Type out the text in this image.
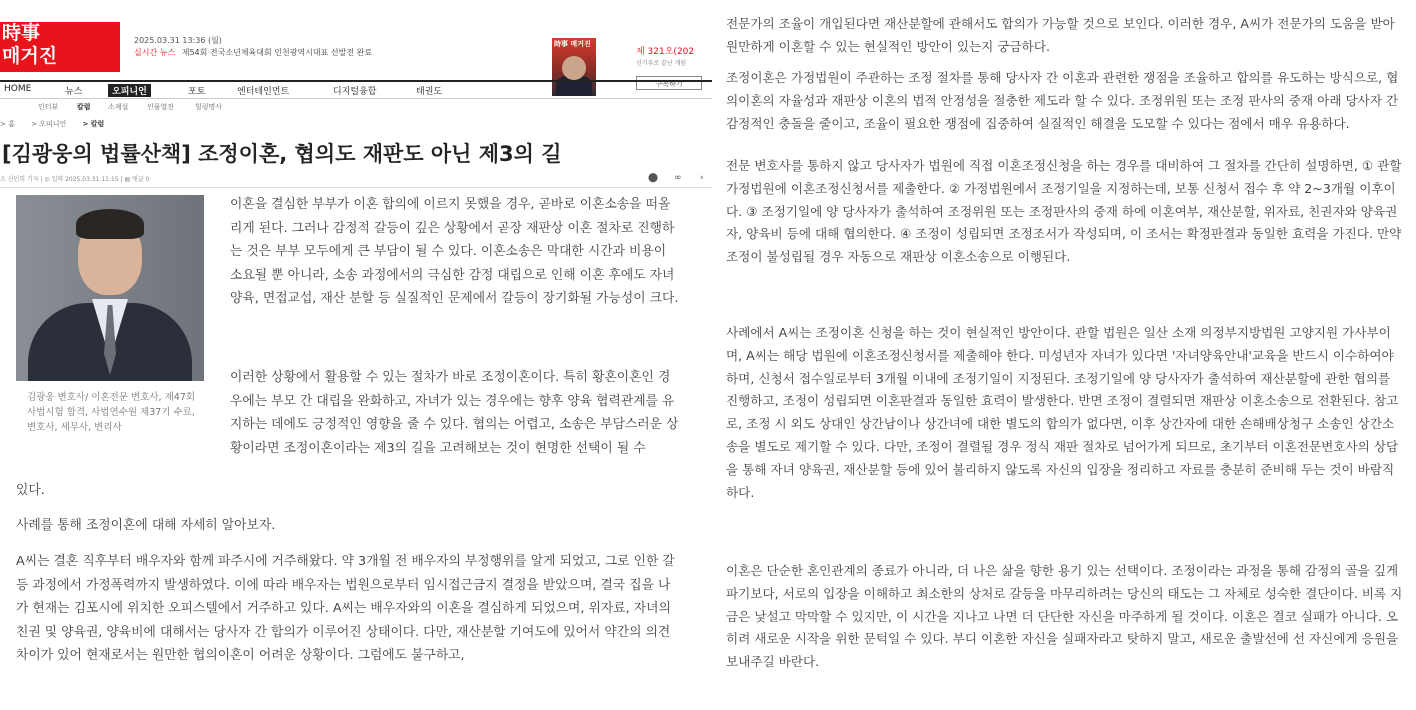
時事
매거진
2025.03.31 13:36 (월)
실시간 뉴스 제54회 전국소년체육대회 인천광역시대표 선발전 완료
時事 매거진
제 321오(202
신기루로 끝난 개원
구독하기
HOME	뉴스	오피니언	포토	엔터테인먼트	디지털융합	태권도
인터뷰	칼럼 소재설	인물열전	힐링명사
> 홈 > 오피니언 > 칼럼
[김광웅의 법률산책] 조정이혼, 협의도 재판도 아닌 제3의 길
소 신인희 기자 | ◎ 입력 2025.03.31 11:15 | ▤ 댓글 0	⬤ ∞ ›
김광웅 변호사/ 이혼전문 변호사, 제47회 사법시험 합격, 사법연수원 제37기 수료, 변호사, 세무사, 변리사

이혼을 결심한 부부가 이혼 합의에 이르지 못했을 경우, 곧바로 이혼소송을 떠올리게 된다. 그러나 감정적 갈등이 깊은 상황에서 곧장 재판상 이혼 절차로 진행하는 것은 부부 모두에게 큰 부담이 될 수 있다. 이혼소송은 막대한 시간과 비용이 소요될 뿐 아니라, 소송 과정에서의 극심한 감정 대립으로 인해 이혼 후에도 자녀 양육, 면접교섭, 재산 분할 등 실질적인 문제에서 갈등이 장기화될 가능성이 크다.

이러한 상황에서 활용할 수 있는 절차가 바로 조정이혼이다. 특히 황혼이혼인 경우에는 부모 간 대립을 완화하고, 자녀가 있는 경우에는 향후 양육 협력관계를 유지하는 데에도 긍정적인 영향을 줄 수 있다. 협의는 어렵고, 소송은 부담스러운 상황이라면 조정이혼이라는 제3의 길을 고려해보는 것이 현명한 선택이 될 수

있다.

사례를 통해 조정이혼에 대해 자세히 알아보자.

A씨는 결혼 직후부터 배우자와 함께 파주시에 거주해왔다. 약 3개월 전 배우자의 부정행위를 알게 되었고, 그로 인한 갈등 과정에서 가정폭력까지 발생하였다. 이에 따라 배우자는 법원으로부터 임시접근금지 결정을 받았으며, 결국 집을 나가 현재는 김포시에 위치한 오피스텔에서 거주하고 있다. A씨는 배우자와의 이혼을 결심하게 되었으며, 위자료, 자녀의 친권 및 양육권, 양육비에 대해서는 당사자 간 합의가 이루어진 상태이다. 다만, 재산분할 기여도에 있어서 약간의 의견 차이가 있어 현재로서는 원만한 협의이혼이 어려운 상황이다. 그럼에도 불구하고,

전문가의 조율이 개입된다면 재산분할에 관해서도 합의가 가능할 것으로 보인다. 이러한 경우, A씨가 전문가의 도움을 받아 원만하게 이혼할 수 있는 현실적인 방안이 있는지 궁금하다.

조정이혼은 가정법원이 주관하는 조정 절차를 통해 당사자 간 이혼과 관련한 쟁점을 조율하고 합의를 유도하는 방식으로, 협의이혼의 자율성과 재판상 이혼의 법적 안정성을 절충한 제도라 할 수 있다. 조정위원 또는 조정 판사의 중재 아래 당사자 간 감정적인 충돌을 줄이고, 조율이 필요한 쟁점에 집중하여 실질적인 해결을 도모할 수 있다는 점에서 매우 유용하다.

전문 변호사를 통하지 않고 당사자가 법원에 직접 이혼조정신청을 하는 경우를 대비하여 그 절차를 간단히 설명하면, ① 관할 가정법원에 이혼조정신청서를 제출한다. ② 가정법원에서 조정기일을 지정하는데, 보통 신청서 접수 후 약 2~3개월 이후이다. ③ 조정기일에 양 당사자가 출석하여 조정위원 또는 조정판사의 중재 하에 이혼여부, 재산분할, 위자료, 친권자와 양육권자, 양육비 등에 대해 협의한다. ④ 조정이 성립되면 조정조서가 작성되며, 이 조서는 확정판결과 동일한 효력을 가진다. 만약 조정이 불성립될 경우 자동으로 재판상 이혼소송으로 이행된다.

사례에서 A씨는 조정이혼 신청을 하는 것이 현실적인 방안이다. 관할 법원은 일산 소재 의정부지방법원 고양지원 가사부이며, A씨는 해당 법원에 이혼조정신청서를 제출해야 한다. 미성년자 자녀가 있다면 '자녀양육안내'교육을 반드시 이수하여야 하며, 신청서 접수일로부터 3개월 이내에 조정기일이 지정된다. 조정기일에 양 당사자가 출석하여 재산분할에 관한 협의를 진행하고, 조정이 성립되면 이혼판결과 동일한 효력이 발생한다. 반면 조정이 결렬되면 재판상 이혼소송으로 전환된다. 참고로, 조정 시 외도 상대인 상간남이나 상간녀에 대한 별도의 합의가 없다면, 이후 상간자에 대한 손해배상청구 소송인 상간소송을 별도로 제기할 수 있다. 다만, 조정이 결렬될 경우 정식 재판 절차로 넘어가게 되므로, 초기부터 이혼전문변호사의 상담을 통해 자녀 양육권, 재산분할 등에 있어 불리하지 않도록 자신의 입장을 정리하고 자료를 충분히 준비해 두는 것이 바람직하다.

이혼은 단순한 혼인관계의 종료가 아니라, 더 나은 삶을 향한 용기 있는 선택이다. 조정이라는 과정을 통해 감정의 골을 깊게 파기보다, 서로의 입장을 이해하고 최소한의 상처로 갈등을 마무리하려는 당신의 태도는 그 자체로 성숙한 결단이다. 비록 지금은 낯설고 막막할 수 있지만, 이 시간을 지나고 나면 더 단단한 자신을 마주하게 될 것이다. 이혼은 결코 실패가 아니다. 오히려 새로운 시작을 위한 문턱일 수 있다. 부디 이혼한 자신을 실패자라고 탓하지 말고, 새로운 출발선에 선 자신에게 응원을 보내주길 바란다.
